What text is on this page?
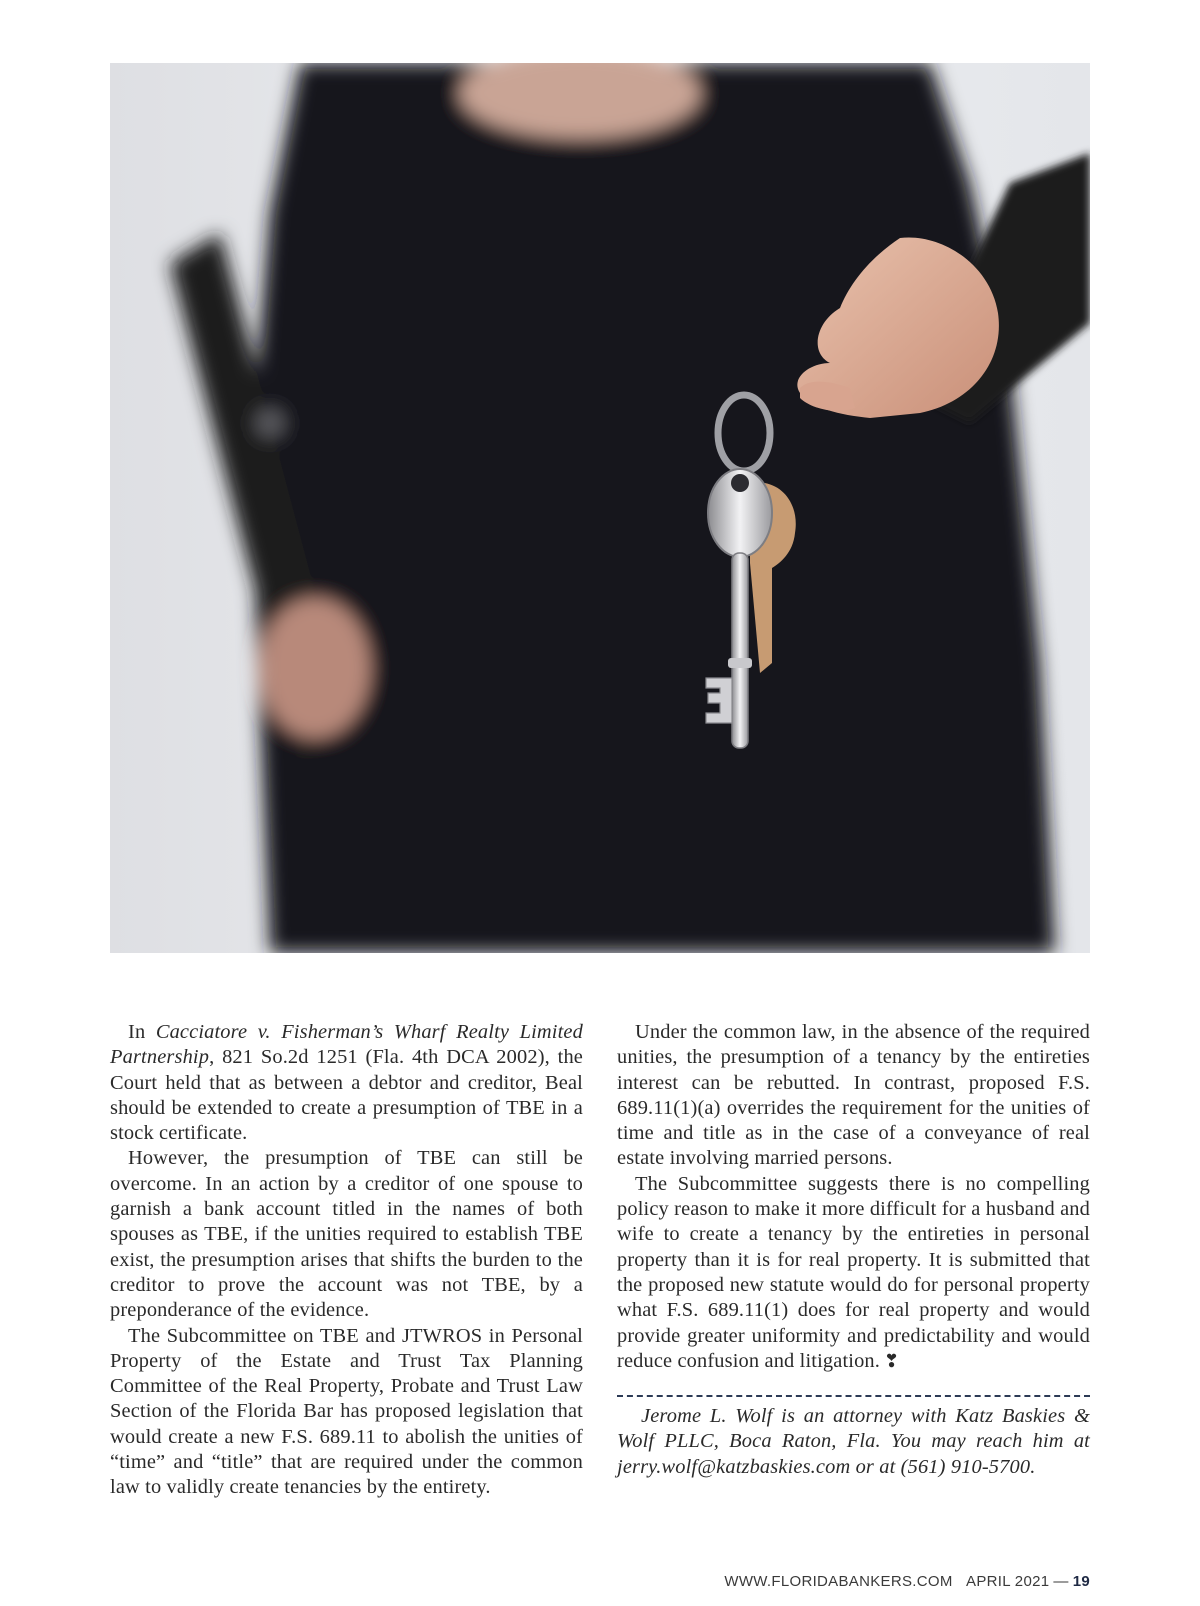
In Cacciatore v. Fisherman’s Wharf Realty Limited Partnership, 821 So.2d 1251 (Fla. 4th DCA 2002), the Court held that as between a debtor and creditor, Beal should be extended to create a presumption of TBE in a stock certificate.

However, the presumption of TBE can still be overcome. In an action by a creditor of one spouse to garnish a bank account titled in the names of both spouses as TBE, if the unities required to establish TBE exist, the presumption arises that shifts the burden to the creditor to prove the account was not TBE, by a preponderance of the evidence.

The Subcommittee on TBE and JTWROS in Personal Property of the Estate and Trust Tax Planning Committee of the Real Property, Probate and Trust Law Section of the Florida Bar has proposed legislation that would create a new F.S. 689.11 to abolish the unities of “time” and “title” that are required under the common law to validly create tenancies by the entirety.

Under the common law, in the absence of the required unities, the presumption of a tenancy by the entireties interest can be rebutted. In contrast, proposed F.S. 689.11(1)(a) overrides the requirement for the unities of time and title as in the case of a conveyance of real estate involving married persons.

The Subcommittee suggests there is no compelling policy reason to make it more difficult for a husband and wife to create a tenancy by the entireties in personal property than it is for real property. It is submitted that the proposed new statute would do for personal property what F.S. 689.11(1) does for real property and would provide greater uniformity and predictability and would reduce confusion and litigation. ❣

Jerome L. Wolf is an attorney with Katz Baskies & Wolf PLLC, Boca Raton, Fla. You may reach him at jerry.wolf@katzbaskies.com or at (561) 910-5700.

WWW.FLORIDABANKERS.COM APRIL 2021 — 19
